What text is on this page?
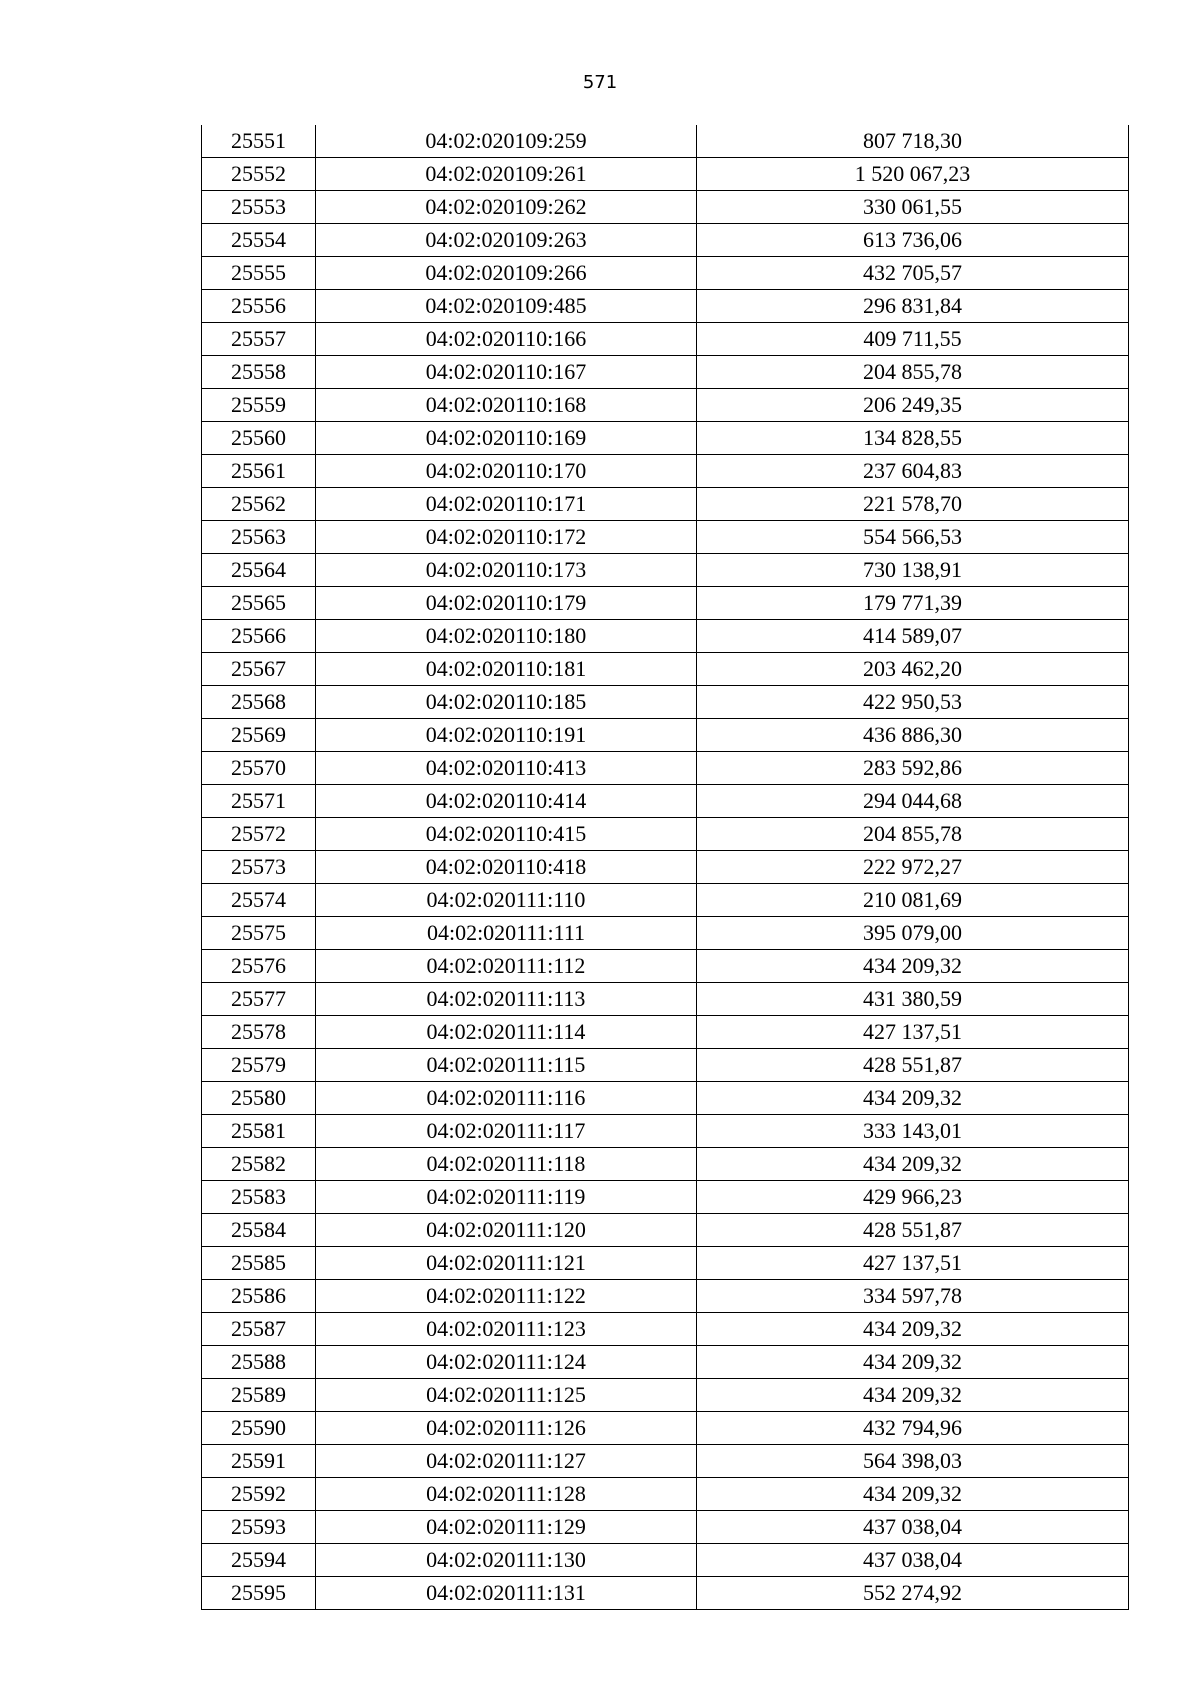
571
25551	04:02:020109:259	807 718,30
25552	04:02:020109:261	1 520 067,23
25553	04:02:020109:262	330 061,55
25554	04:02:020109:263	613 736,06
25555	04:02:020109:266	432 705,57
25556	04:02:020109:485	296 831,84
25557	04:02:020110:166	409 711,55
25558	04:02:020110:167	204 855,78
25559	04:02:020110:168	206 249,35
25560	04:02:020110:169	134 828,55
25561	04:02:020110:170	237 604,83
25562	04:02:020110:171	221 578,70
25563	04:02:020110:172	554 566,53
25564	04:02:020110:173	730 138,91
25565	04:02:020110:179	179 771,39
25566	04:02:020110:180	414 589,07
25567	04:02:020110:181	203 462,20
25568	04:02:020110:185	422 950,53
25569	04:02:020110:191	436 886,30
25570	04:02:020110:413	283 592,86
25571	04:02:020110:414	294 044,68
25572	04:02:020110:415	204 855,78
25573	04:02:020110:418	222 972,27
25574	04:02:020111:110	210 081,69
25575	04:02:020111:111	395 079,00
25576	04:02:020111:112	434 209,32
25577	04:02:020111:113	431 380,59
25578	04:02:020111:114	427 137,51
25579	04:02:020111:115	428 551,87
25580	04:02:020111:116	434 209,32
25581	04:02:020111:117	333 143,01
25582	04:02:020111:118	434 209,32
25583	04:02:020111:119	429 966,23
25584	04:02:020111:120	428 551,87
25585	04:02:020111:121	427 137,51
25586	04:02:020111:122	334 597,78
25587	04:02:020111:123	434 209,32
25588	04:02:020111:124	434 209,32
25589	04:02:020111:125	434 209,32
25590	04:02:020111:126	432 794,96
25591	04:02:020111:127	564 398,03
25592	04:02:020111:128	434 209,32
25593	04:02:020111:129	437 038,04
25594	04:02:020111:130	437 038,04
25595	04:02:020111:131	552 274,92
